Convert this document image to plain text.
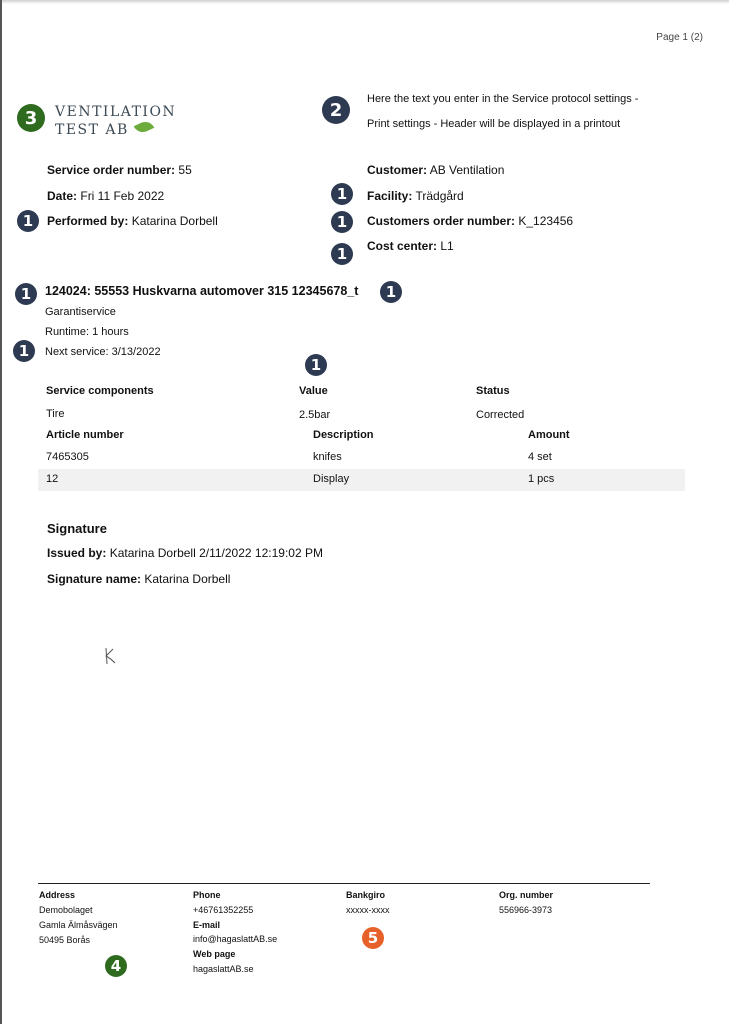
Page 1 (2)
3	VENTILATION
TEST AB
2
Here the text you enter in the Service protocol settings -
Print settings - Header will be displayed in a printout
Service order number: 55
Date: Fri 11 Feb 2022
1	Performed by: Katarina Dorbell
Customer: AB Ventilation
1	Facility: Trädgård
1	Customers order number: K_123456
1	Cost center: L1
1	124024: 55553 Huskvarna automover 315 12345678_t	1
Garantiservice
Runtime: 1 hours
1	Next service: 3/13/2022
1
Service components	Value	Status
Tire	2.5bar	Corrected
Article number	Description	Amount
7465305	knifes	4 set
12	Display	1 pcs
Signature
Issued by: Katarina Dorbell 2/11/2022 12:19:02 PM
Signature name: Katarina Dorbell
Address
Demobolaget
Gamla Älmåsvägen
50495 Borås
4
Phone
+46761352255
E-mail
info@hagaslattAB.se
Web page
hagaslattAB.se
Bankgiro
xxxxx-xxxx
5
Org. number
556966-3973
